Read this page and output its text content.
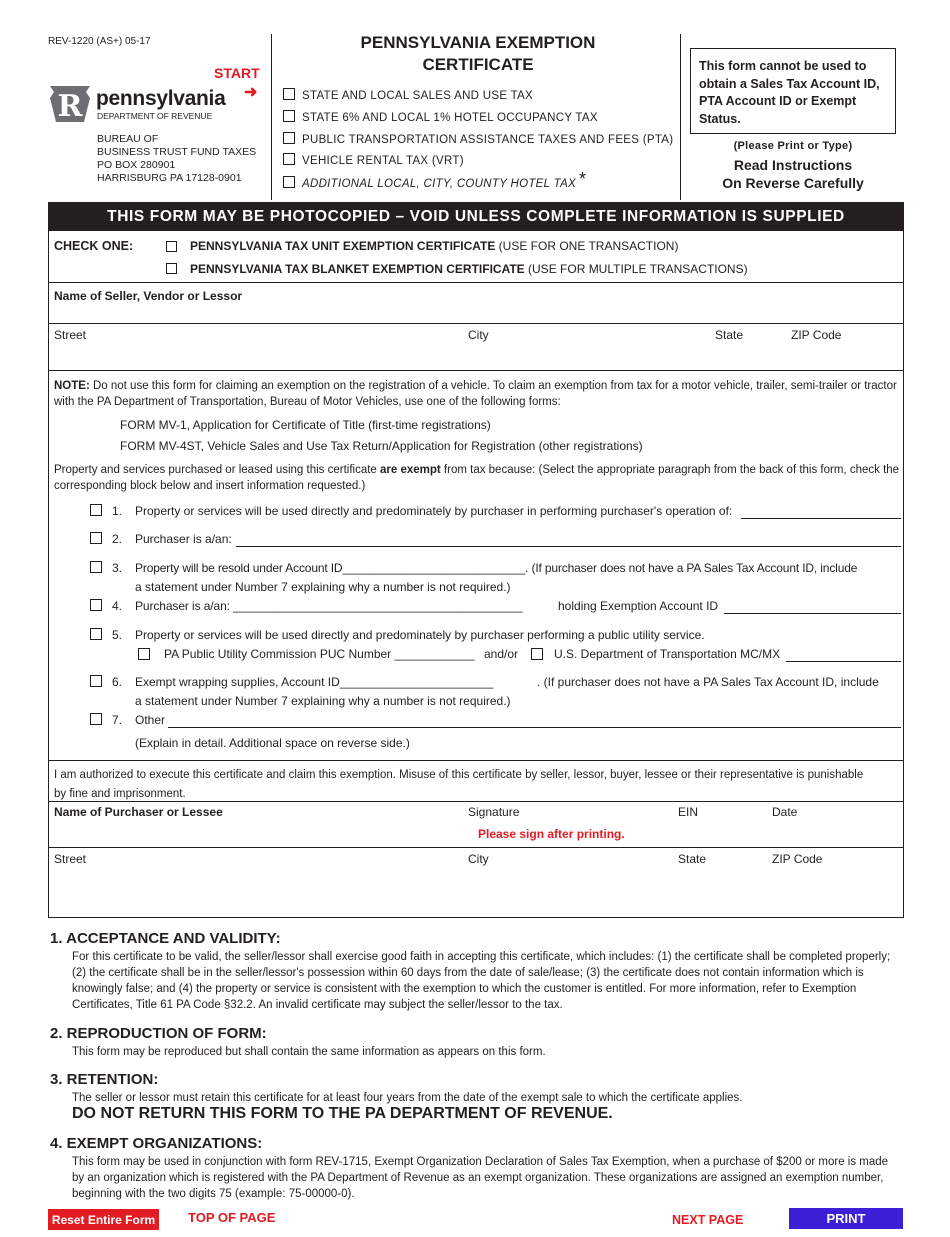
REV-1220 (AS+) 05-17
START
➜
R pennsylvania
DEPARTMENT OF REVENUE
BUREAU OF
BUSINESS TRUST FUND TAXES
PO BOX 280901
HARRISBURG PA 17128-0901
PENNSYLVANIA EXEMPTION
CERTIFICATE
STATE AND LOCAL SALES AND USE TAX
STATE 6% AND LOCAL 1% HOTEL OCCUPANCY TAX
PUBLIC TRANSPORTATION ASSISTANCE TAXES AND FEES (PTA)
VEHICLE RENTAL TAX (VRT)
ADDITIONAL LOCAL, CITY, COUNTY HOTEL TAX *
This form cannot be used to obtain a Sales Tax Account ID, PTA Account ID or Exempt Status.
(Please Print or Type)
Read Instructions
On Reverse Carefully
THIS FORM MAY BE PHOTOCOPIED – VOID UNLESS COMPLETE INFORMATION IS SUPPLIED
CHECK ONE:	PENNSYLVANIA TAX UNIT EXEMPTION CERTIFICATE (USE FOR ONE TRANSACTION)
PENNSYLVANIA TAX BLANKET EXEMPTION CERTIFICATE (USE FOR MULTIPLE TRANSACTIONS)
Name of Seller, Vendor or Lessor
Street	City	State	ZIP Code
NOTE: Do not use this form for claiming an exemption on the registration of a vehicle. To claim an exemption from tax for a motor vehicle, trailer, semi-trailer or tractor with the PA Department of Transportation, Bureau of Motor Vehicles, use one of the following forms:
FORM MV-1, Application for Certificate of Title (first-time registrations)
FORM MV-4ST, Vehicle Sales and Use Tax Return/Application for Registration (other registrations)
Property and services purchased or leased using this certificate are exempt from tax because: (Select the appropriate paragraph from the back of this form, check the corresponding block below and insert information requested.)
1. Property or services will be used directly and predominately by purchaser in performing purchaser's operation of:
2. Purchaser is a/an:
3. Property will be resold under Account ID____________________________. (If purchaser does not have a PA Sales Tax Account ID, include
a statement under Number 7 explaining why a number is not required.)
4. Purchaser is a/an: ____________________________________________	holding Exemption Account ID
5. Property or services will be used directly and predominately by purchaser performing a public utility service.
PA Public Utility Commission PUC Number ____________ and/or	U.S. Department of Transportation MC/MX
6. Exempt wrapping supplies, Account ID_______________________	. (If purchaser does not have a PA Sales Tax Account ID, include
a statement under Number 7 explaining why a number is not required.)
7. Other
(Explain in detail. Additional space on reverse side.)
I am authorized to execute this certificate and claim this exemption. Misuse of this certificate by seller, lessor, buyer, lessee or their representative is punishable by fine and imprisonment.
Name of Purchaser or Lessee	Signature	EIN	Date
Please sign after printing.
Street	City	State	ZIP Code
1. ACCEPTANCE AND VALIDITY:
For this certificate to be valid, the seller/lessor shall exercise good faith in accepting this certificate, which includes: (1) the certificate shall be completed properly; (2) the certificate shall be in the seller/lessor's possession within 60 days from the date of sale/lease; (3) the certificate does not contain information which is knowingly false; and (4) the property or service is consistent with the exemption to which the customer is entitled. For more information, refer to Exemption Certificates, Title 61 PA Code §32.2. An invalid certificate may subject the seller/lessor to the tax.
2. REPRODUCTION OF FORM:
This form may be reproduced but shall contain the same information as appears on this form.
3. RETENTION:
The seller or lessor must retain this certificate for at least four years from the date of the exempt sale to which the certificate applies.
DO NOT RETURN THIS FORM TO THE PA DEPARTMENT OF REVENUE.
4. EXEMPT ORGANIZATIONS:
This form may be used in conjunction with form REV-1715, Exempt Organization Declaration of Sales Tax Exemption, when a purchase of $200 or more is made by an organization which is registered with the PA Department of Revenue as an exempt organization. These organizations are assigned an exemption number, beginning with the two digits 75 (example: 75-00000-0).
Reset Entire Form	TOP OF PAGE	NEXT PAGE	PRINT
